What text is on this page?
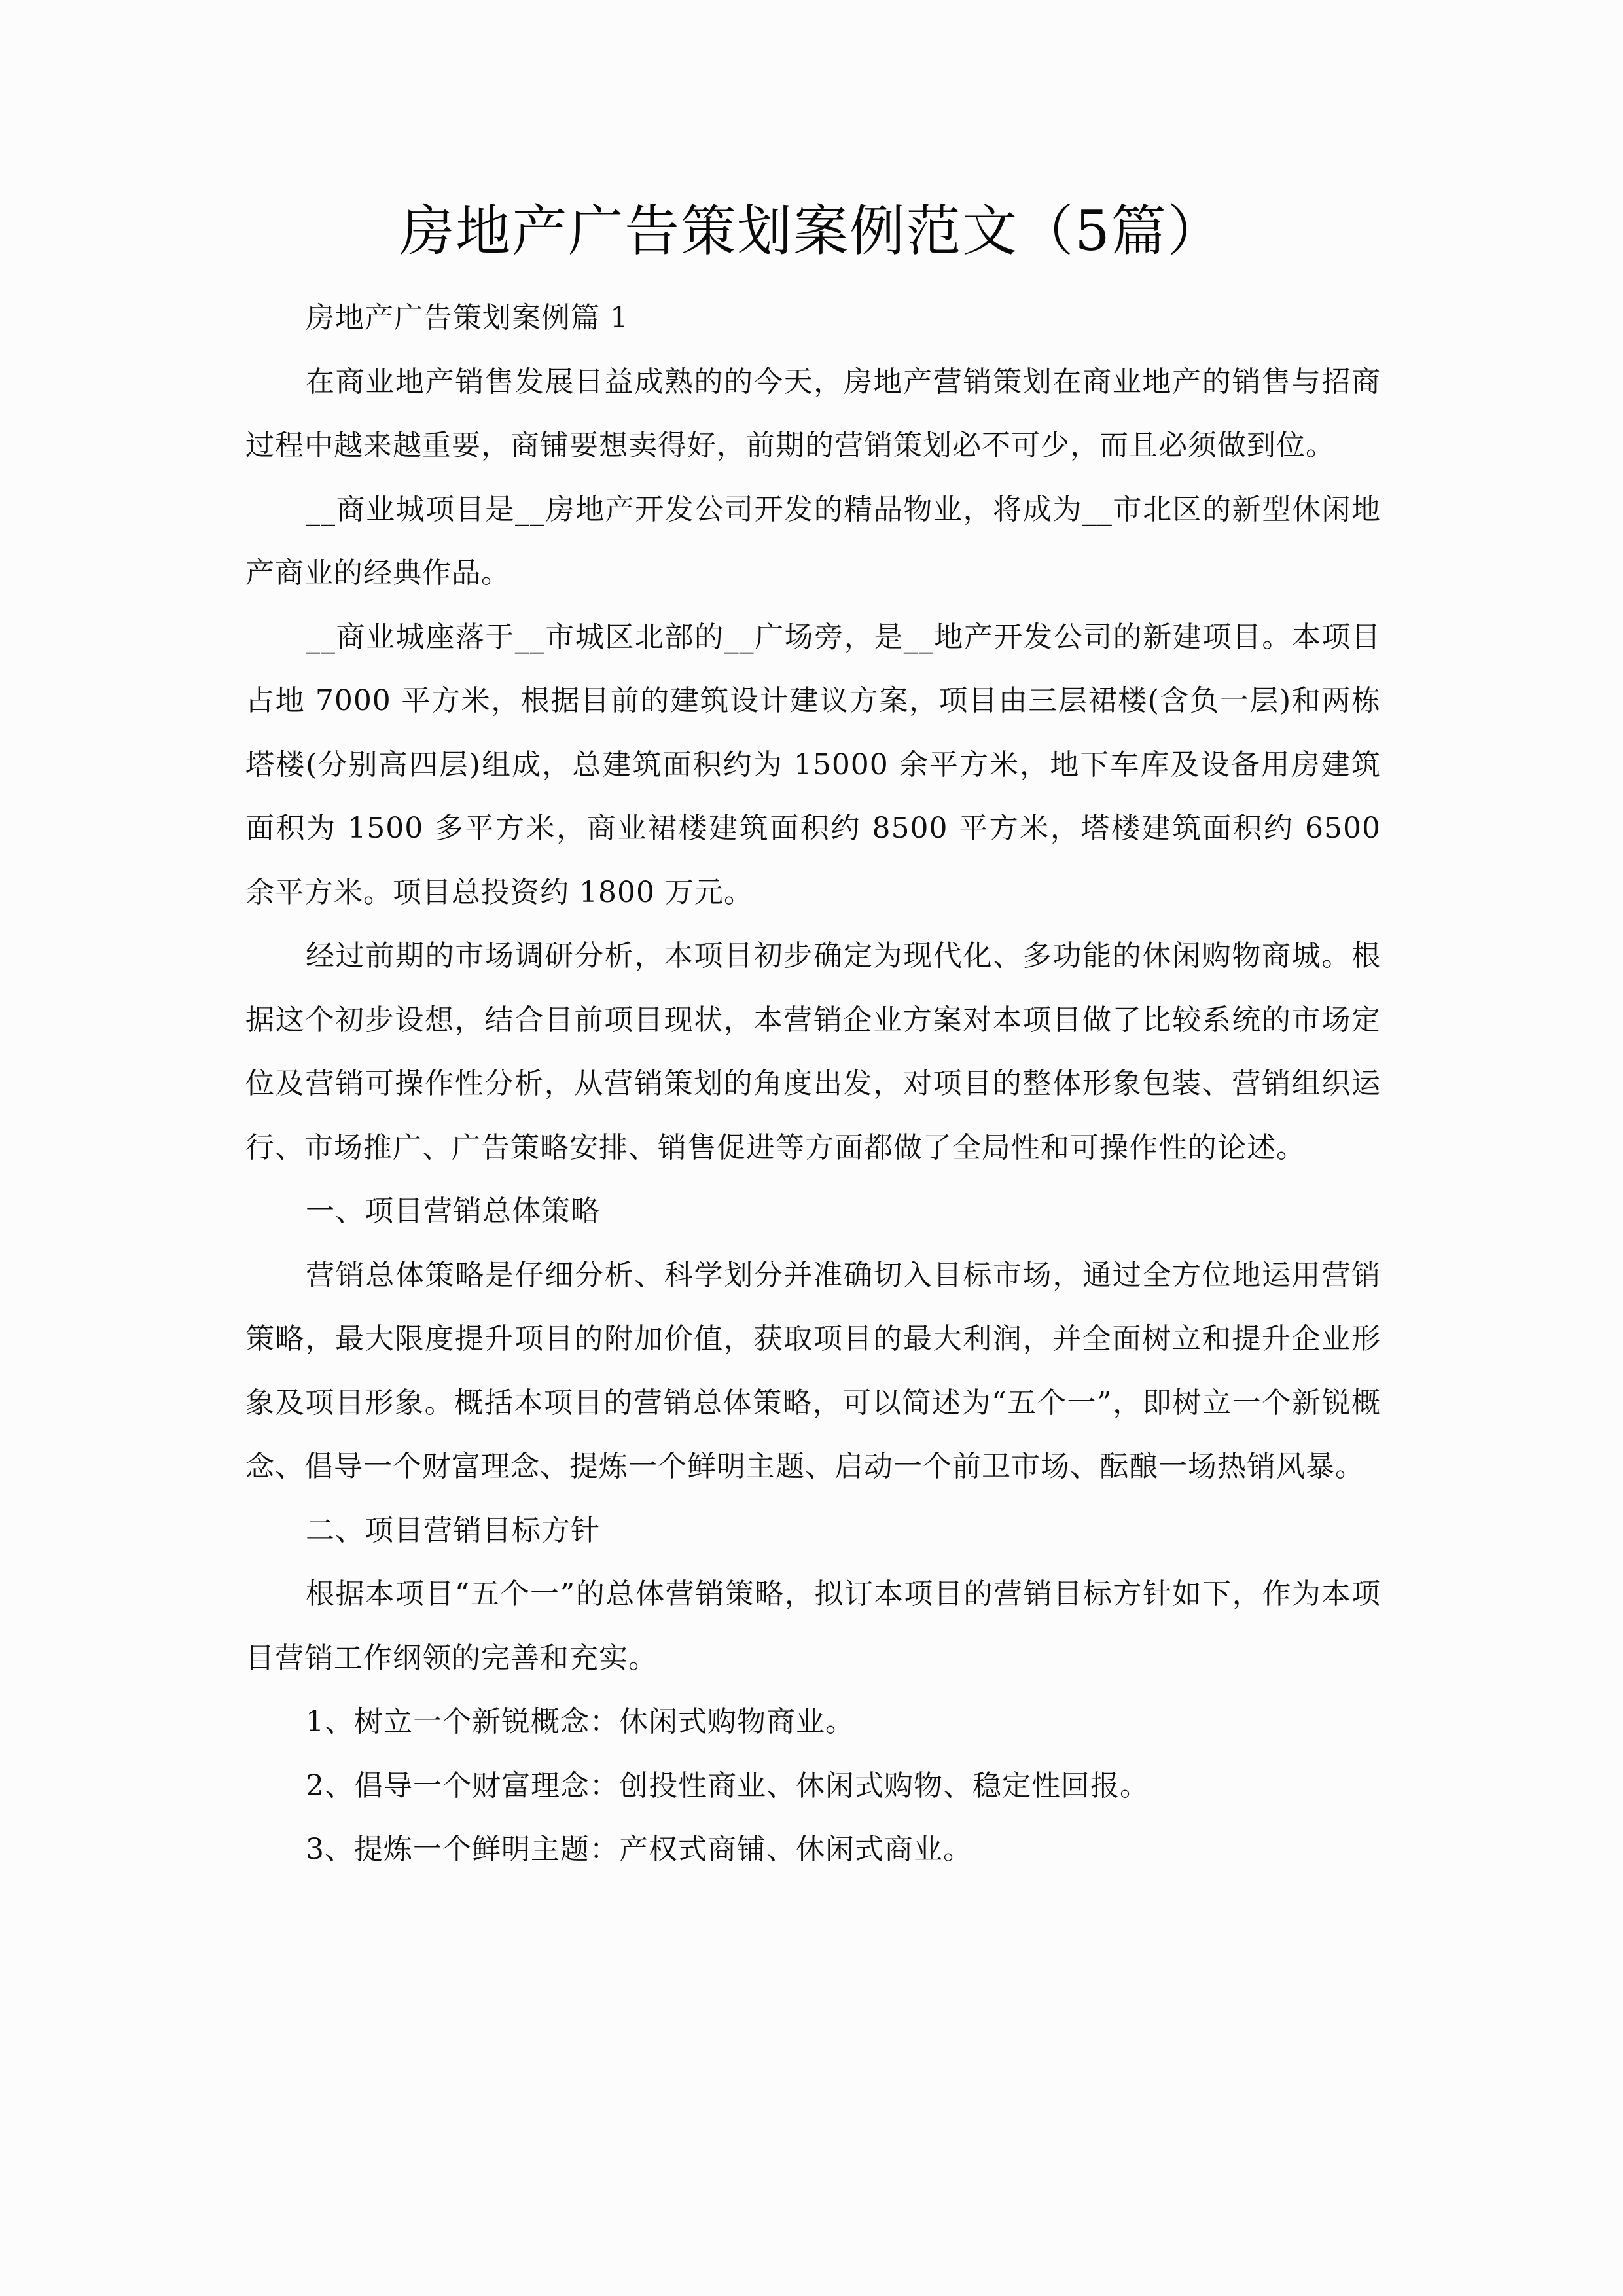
房地产广告策划案例范文（5篇）

房地产广告策划案例篇 1

在商业地产销售发展日益成熟的的今天，房地产营销策划在商业地产的销售与招商过程中越来越重要，商铺要想卖得好，前期的营销策划必不可少，而且必须做到位。

__商业城项目是__房地产开发公司开发的精品物业，将成为__市北区的新型休闲地产商业的经典作品。

__商业城座落于__市城区北部的__广场旁，是__地产开发公司的新建项目。本项目占地 7000 平方米，根据目前的建筑设计建议方案，项目由三层裙楼(含负一层)和两栋塔楼(分别高四层)组成，总建筑面积约为 15000 余平方米，地下车库及设备用房建筑面积为 1500 多平方米，商业裙楼建筑面积约 8500 平方米，塔楼建筑面积约 6500 余平方米。项目总投资约 1800 万元。

经过前期的市场调研分析，本项目初步确定为现代化、多功能的休闲购物商城。根据这个初步设想，结合目前项目现状，本营销企业方案对本项目做了比较系统的市场定位及营销可操作性分析，从营销策划的角度出发，对项目的整体形象包装、营销组织运行、市场推广、广告策略安排、销售促进等方面都做了全局性和可操作性的论述。

一、项目营销总体策略

营销总体策略是仔细分析、科学划分并准确切入目标市场，通过全方位地运用营销策略，最大限度提升项目的附加价值，获取项目的最大利润，并全面树立和提升企业形象及项目形象。概括本项目的营销总体策略，可以简述为“五个一”，即树立一个新锐概念、倡导一个财富理念、提炼一个鲜明主题、启动一个前卫市场、酝酿一场热销风暴。

二、项目营销目标方针

根据本项目“五个一”的总体营销策略，拟订本项目的营销目标方针如下，作为本项目营销工作纲领的完善和充实。

1、树立一个新锐概念：休闲式购物商业。

2、倡导一个财富理念：创投性商业、休闲式购物、稳定性回报。

3、提炼一个鲜明主题：产权式商铺、休闲式商业。
